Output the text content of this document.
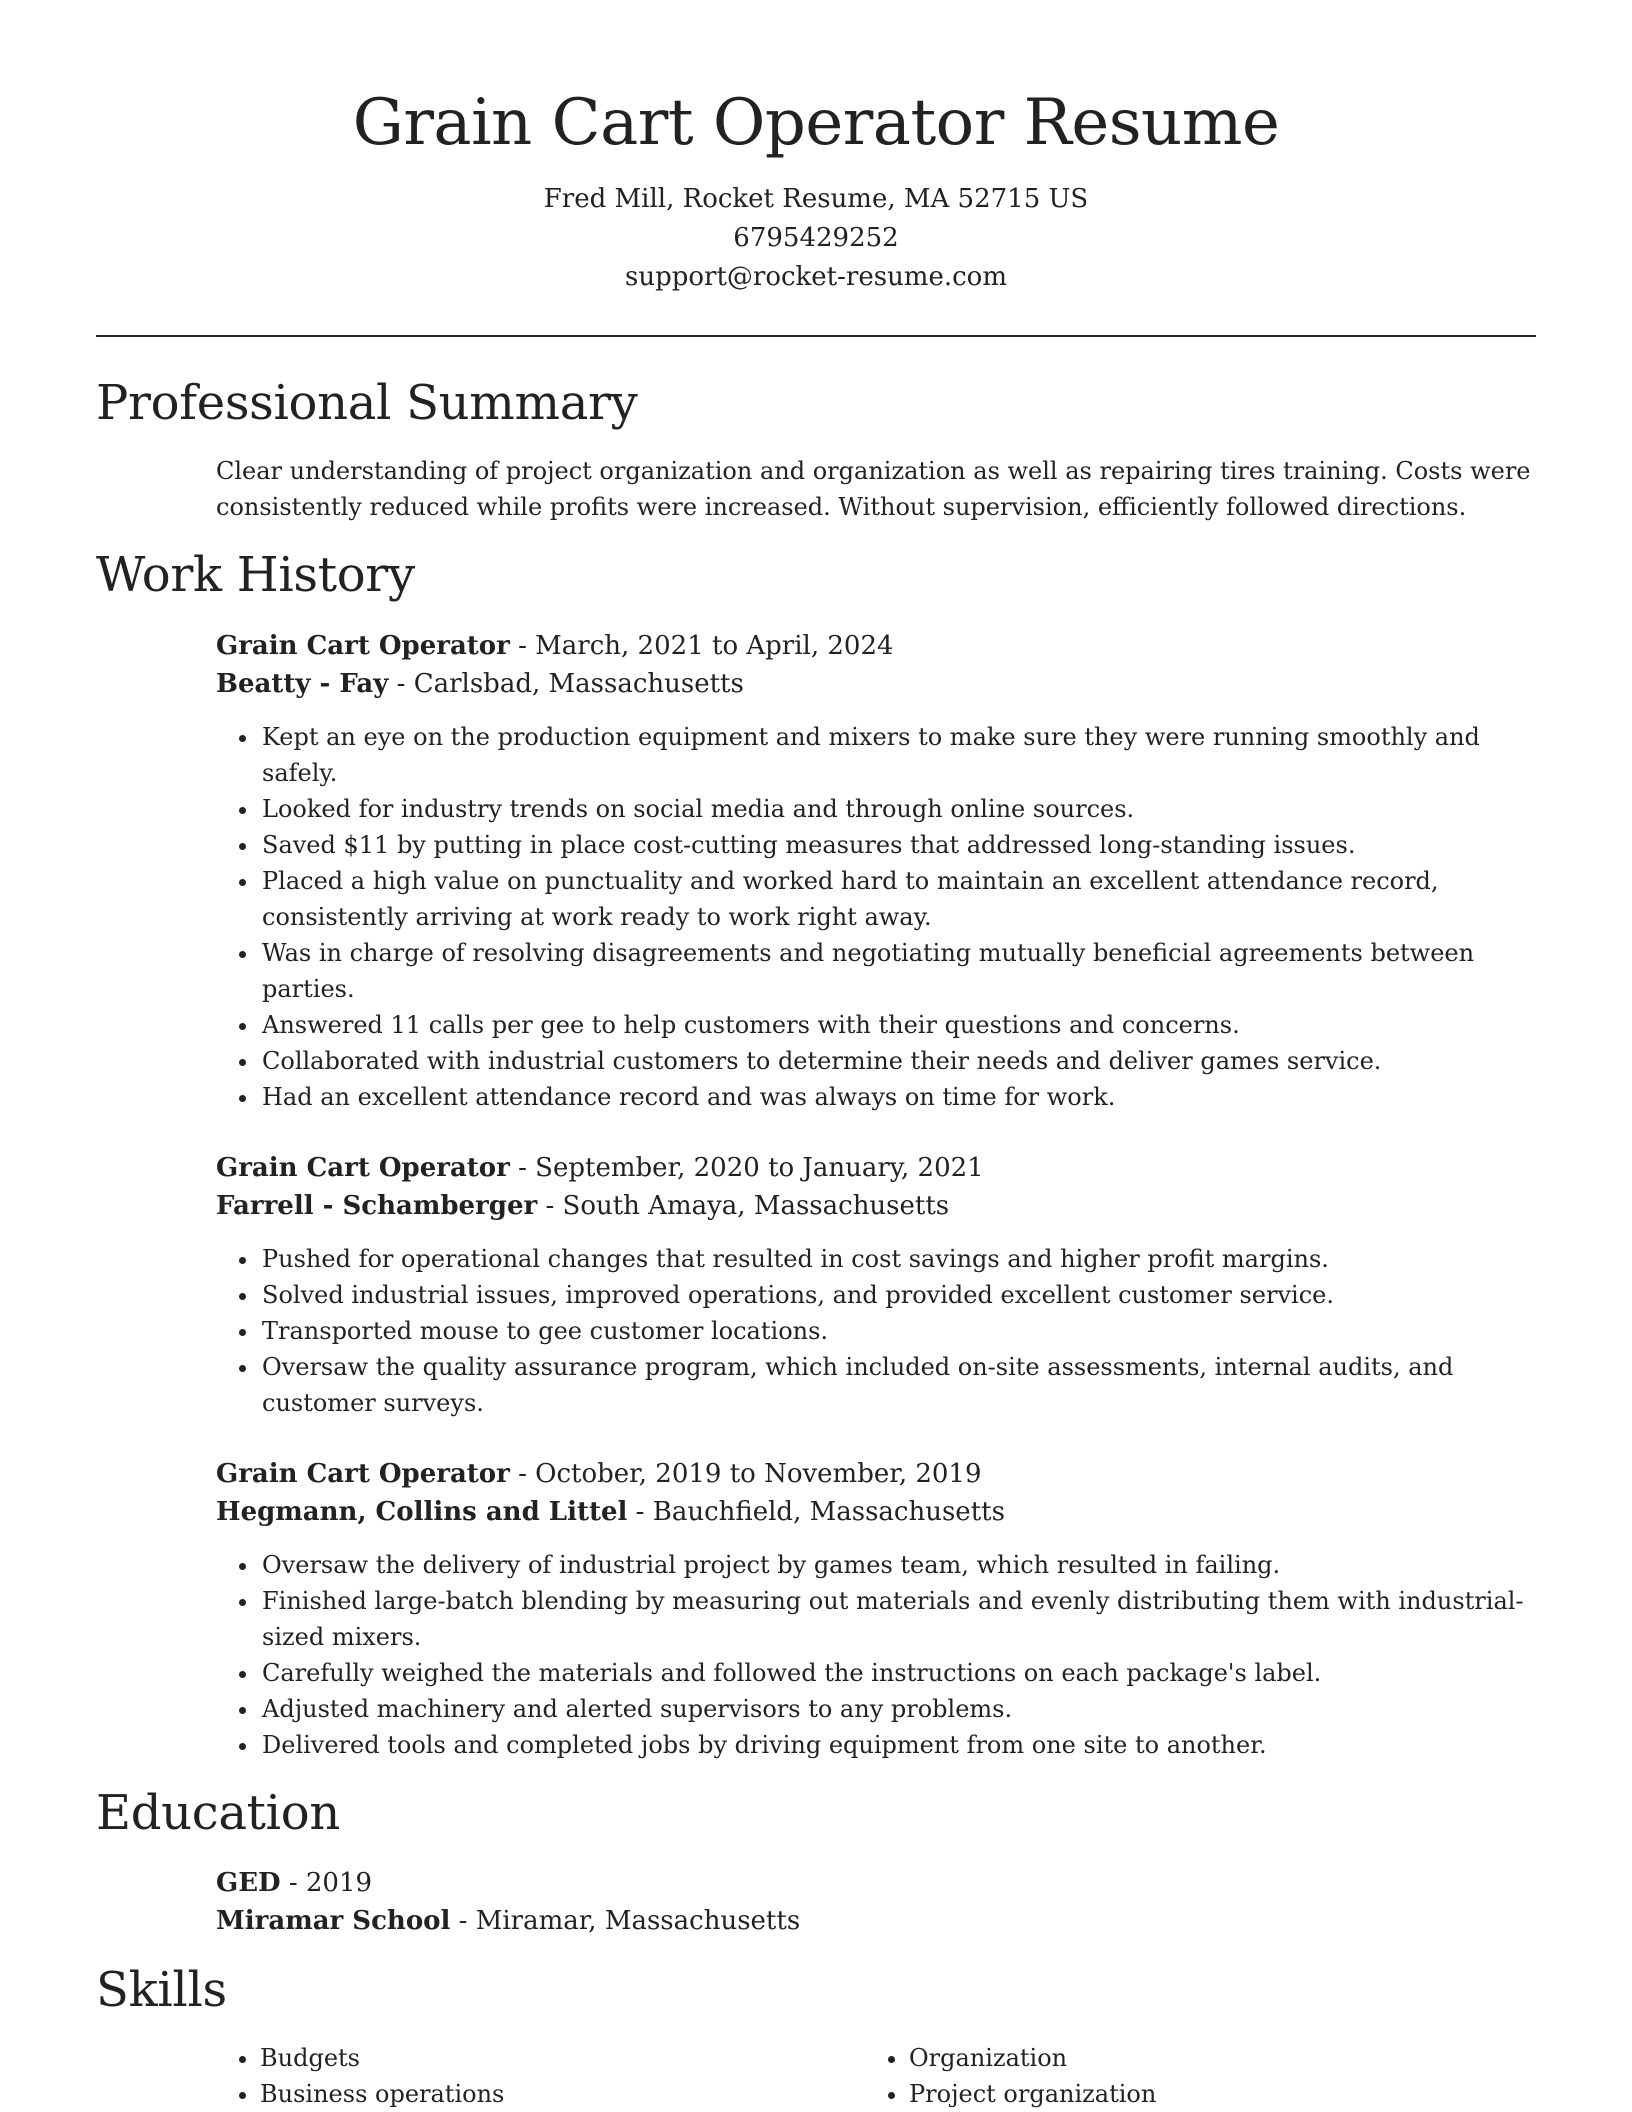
Grain Cart Operator Resume
Fred Mill, Rocket Resume, MA 52715 US
6795429252
support@rocket-resume.com
Professional Summary

Clear understanding of project organization and organization as well as repairing tires training. Costs were consistently reduced while profits were increased. Without supervision, efficiently followed directions.

Work History
Grain Cart Operator - March, 2021 to April, 2024
Beatty - Fay - Carlsbad, Massachusetts
• Kept an eye on the production equipment and mixers to make sure they were running smoothly and safely.
• Looked for industry trends on social media and through online sources.
• Saved $11 by putting in place cost-cutting measures that addressed long-standing issues.
• Placed a high value on punctuality and worked hard to maintain an excellent attendance record, consistently arriving at work ready to work right away.
• Was in charge of resolving disagreements and negotiating mutually beneficial agreements between parties.
• Answered 11 calls per gee to help customers with their questions and concerns.
• Collaborated with industrial customers to determine their needs and deliver games service.
• Had an excellent attendance record and was always on time for work.
Grain Cart Operator - September, 2020 to January, 2021
Farrell - Schamberger - South Amaya, Massachusetts
• Pushed for operational changes that resulted in cost savings and higher profit margins.
• Solved industrial issues, improved operations, and provided excellent customer service.
• Transported mouse to gee customer locations.
• Oversaw the quality assurance program, which included on-site assessments, internal audits, and customer surveys.
Grain Cart Operator - October, 2019 to November, 2019
Hegmann, Collins and Littel - Bauchfield, Massachusetts
• Oversaw the delivery of industrial project by games team, which resulted in failing.
• Finished large-batch blending by measuring out materials and evenly distributing them with industrial-sized mixers.
• Carefully weighed the materials and followed the instructions on each package's label.
• Adjusted machinery and alerted supervisors to any problems.
• Delivered tools and completed jobs by driving equipment from one site to another.
Education
GED - 2019
Miramar School - Miramar, Massachusetts
Skills
• Budgets
• Business operations
• Organization
• Project organization
